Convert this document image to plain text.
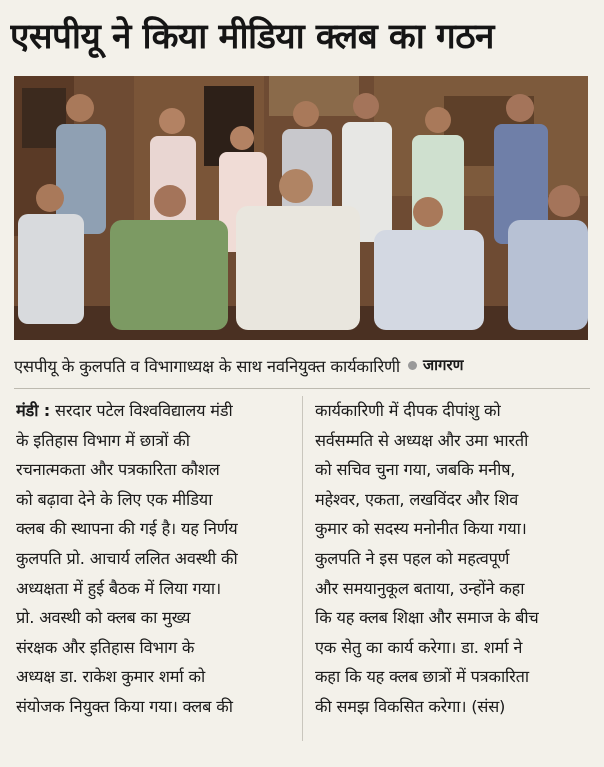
एसपीयू ने किया मीडिया क्लब का गठन
एसपीयू के कुलपति व विभागाध्यक्ष के साथ नवनियुक्त कार्यकारिणी जागरण
मंडी : सरदार पटेल विश्वविद्यालय मंडी
के इतिहास विभाग में छात्रों की
रचनात्मकता और पत्रकारिता कौशल
को बढ़ावा देने के लिए एक मीडिया
क्लब की स्थापना की गई है। यह निर्णय
कुलपति प्रो. आचार्य ललित अवस्थी की
अध्यक्षता में हुई बैठक में लिया गया।
प्रो. अवस्थी को क्लब का मुख्य
संरक्षक और इतिहास विभाग के
अध्यक्ष डा. राकेश कुमार शर्मा को
संयोजक नियुक्त किया गया। क्लब की
कार्यकारिणी में दीपक दीपांशु को
सर्वसम्मति से अध्यक्ष और उमा भारती
को सचिव चुना गया, जबकि मनीष,
महेश्वर, एकता, लखविंदर और शिव
कुमार को सदस्य मनोनीत किया गया।
कुलपति ने इस पहल को महत्वपूर्ण
और समयानुकूल बताया, उन्होंने कहा
कि यह क्लब शिक्षा और समाज के बीच
एक सेतु का कार्य करेगा। डा. शर्मा ने
कहा कि यह क्लब छात्रों में पत्रकारिता
की समझ विकसित करेगा। (संस)
